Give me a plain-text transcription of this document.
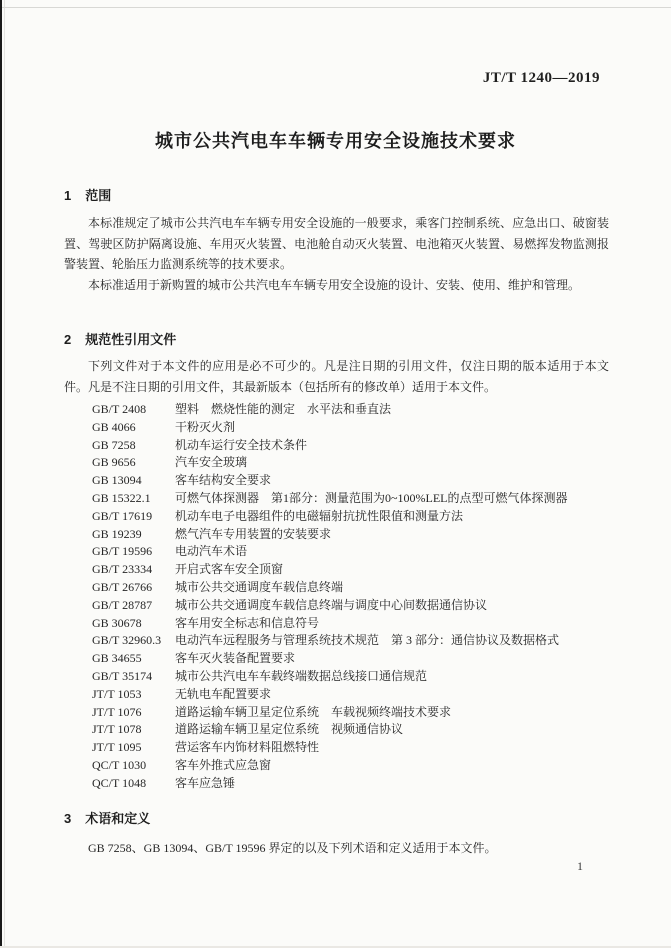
JT/T 1240—2019
城市公共汽电车车辆专用安全设施技术要求
1 范围

本标准规定了城市公共汽电车车辆专用安全设施的一般要求，乘客门控制系统、应急出口、破窗装置、驾驶区防护隔离设施、车用灭火装置、电池舱自动灭火装置、电池箱灭火装置、易燃挥发物监测报警装置、轮胎压力监测系统等的技术要求。

本标准适用于新购置的城市公共汽电车车辆专用安全设施的设计、安装、使用、维护和管理。

2 规范性引用文件

下列文件对于本文件的应用是必不可少的。凡是注日期的引用文件，仅注日期的版本适用于本文件。凡是不注日期的引用文件，其最新版本（包括所有的修改单）适用于本文件。

GB/T 2408 塑料　燃烧性能的测定　水平法和垂直法
GB 4066	干粉灭火剂
GB 7258	机动车运行安全技术条件
GB 9656	汽车安全玻璃
GB 13094	客车结构安全要求
GB 15322.1 可燃气体探测器　第1部分：测量范围为0~100%LEL的点型可燃气体探测器
GB/T 17619 机动车电子电器组件的电磁辐射抗扰性限值和测量方法
GB 19239	燃气汽车专用装置的安装要求
GB/T 19596 电动汽车术语
GB/T 23334 开启式客车安全顶窗
GB/T 26766 城市公共交通调度车载信息终端
GB/T 28787 城市公共交通调度车载信息终端与调度中心间数据通信协议
GB 30678	客车用安全标志和信息符号
GB/T 32960.3 电动汽车远程服务与管理系统技术规范　第 3 部分：通信协议及数据格式
GB 34655	客车灭火装备配置要求
GB/T 35174 城市公共汽电车车载终端数据总线接口通信规范
JT/T 1053	无轨电车配置要求
JT/T 1076	道路运输车辆卫星定位系统　车载视频终端技术要求
JT/T 1078	道路运输车辆卫星定位系统　视频通信协议
JT/T 1095	营运客车内饰材料阻燃特性
QC/T 1030 客车外推式应急窗
QC/T 1048 客车应急锤
3 术语和定义

GB 7258、GB 13094、GB/T 19596 界定的以及下列术语和定义适用于本文件。

1
